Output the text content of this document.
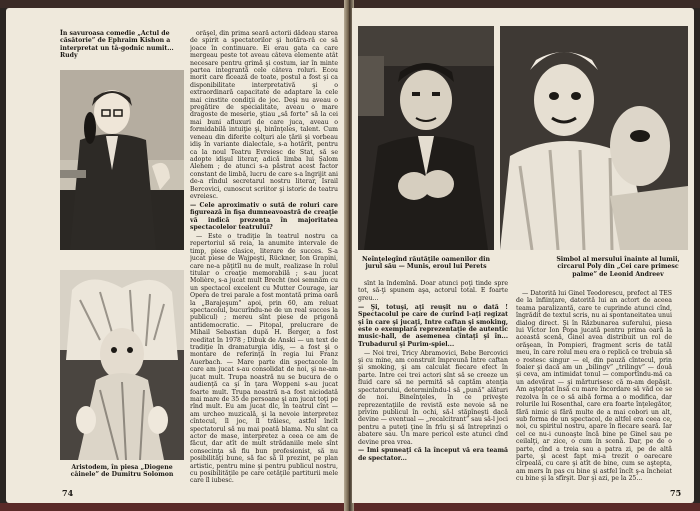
În savuroasa comedie „Actul de căsătorie” de Ephraim Kishon a interpretat un tâ-godnic numit... Rudy
Aristodem, în piesa „Diogene câinele” de Dumitru Solomon

orăşel, din prima seară actorii dădeau starea de spirit a spectatorilor şi hotăra-ră ce să joace în continuare. Ei erau gata ca care mergeau peste tot aveau câteva elemente atât necesare pentru grimă şi costum, iar în minte partea integrantă cele câteva roluri. Ecou morit care ficează de toate, postul a fost şi ca disponibilitate interpretativă şi o extraordinară capacitate de adaptare la cele mai cinstite condiţii de joc. Deşi nu aveau o pregătire de specialitate, aveau o mare dragoste de meserie, ştiau „să forte” să la cei mai buni afluxuri de care juca, aveau o formidabilă intuiţie şi, binînţeles, talent. Cum veneau din diferite colţuri ale ţării şi vorbeau idiş în variante dialectale, s-a hotărît, pentru ca la noul Teatru Evreiesc de Stat, să se adopte idişul literar, adică limba lui Şalom Alehem ; de atunci s-a păstrat acest factor constant de limbă, lucru de care s-a îngrijit ani de-a rîndul secretarul nostru literar, Israil Bercovici, cunoscut scriitor şi istoric de teatru evreiesc.

— Cele aproximativ o sută de roluri care figurează în fişa dumneavoastră de creaţie vă indică prezenţa în majoritatea spectacolelor teatrului?

— Este o tradiţie în teatrul nostru ca repertoriul să reia, la anumite intervale de timp, piese clasice, literare de succes. S-a jucat piese de Wajpeşti, Rückner, Ion Grapini, care ne-a păţitîl nu de mult, realizase în rolul titular o creaţie memorabilă ; s-au jucat Molière, s-a jucat mult Brecht (noi semnăm cu un spectacol excelent cu Mutter Courage, iar Opera de trei parale a fost montată prima oară la „Barajeşum” apoi, prin 60, am reluat spectacolul, bucurîndu-ne de un real succes la publicul) ; mereu sînt piese de prigonă antidemocratic. — Pitopal, prelucrare de Mihail Sebastian după H. Berger, a fost reeditat în 1978 ; Dibuk de Anski — un text de tradiţie în dramaturgia idiş, — a fost şi o montare de referinţă în regia lui Franz Auerbach. — Mare parte din spectacole în care am jucat s-au consolidat de noi, şi ne-am jucat mult. Trupa noastră nu se bucura de o audienţă ca şi în ţara Woppeni s-au jucat foarte mult. Trupa noastră n-a fost niciodată mai mare de 35 de persoane şi am jucat toţi pe rînd mult. Eu am jucat dlc, în teatrul cînt — am urcheo muzicală, şi la nevoie interpretez cîntecul, îl joc, îl trăiesc, astfel încît spectatorul să nu mai poată blama. Nu sînt ca actor de mase, interpretez a ceea ce am de făcut, dar atît de mult strădaniile mele sînt consecinţa să fiu bun profesionist, să nu posibilităţi bune, să fac să îl prezint, pe plan artistic, pentru mine şi pentru publicul nostru, cu posibilităţile pe care cetăţile partiturii mele care îl iubesc.

74
Neînţelegînd răutăţile oamenilor din jurul său — Munis, eroul lui Perets
Simbol al mersului înainte al lumii, circarul Poly din „Cei care primesc palme” de Leonid Andreev

sînt la îndemînă. Doar atunci poţi tinde spre tot, să-ţi spunem aşa, actorul total. E foarte greu...

— Şi, totuşi, aţi reuşit nu o dată ! Spectacolul pe care de curînd l-aţi regizat şi în care şi jucaţi, Intre caftan şi smoking, este o exemplară reprezentaţie de autentic music-hall, de asemenea cîntaţi şi în... Trubadurul şi Purim-spiel...

— Noi trei, Tricy Abramovici, Bebe Bercovici şi cu mine, am construit împreună Intre caftan şi smoking, şi am calculat fiecare efect în parte. Intre cei trei actori sînt să se creeze un fluid care să ne permită să captăm atenţia spectatorului, determinîndu-l să „pună” alături de noi. Bineînţeles, în ce priveşte reprezentaţiile de revistă este nevoie să ne privim publicul în ochi, să-l stăpîneşti dacă devine — eventual — „recalcitrant” sau să-l joci pentru a puteţi ţine în frîu şi să întreprinzi o abatere sau. Un mare pericol este atunci cînd devine prea vrea.

— Imi spuneaţi că la început vă era teamă de spectator...

— Datorită lui Ginel Teodorescu, prefect al TES de la înfiinţare, datorită lui an actort de aceea teama paralizantă, care te cuprinde atunci cînd, îngrădit de textul scris, nu ai spontaneitatea unui dialog direct. Şi în Răzbunarea suferului, piesa lui Victor Ion Popa jucată pentru prima oară la această scenă, Ginel avea distribuit un rol de orăşean, în Pompieri, fragment scris de tatăl meu, în care rolul meu era o replică ce trebuia să o rostesc singur — el, din pauză cîntecul, prin foaier şi dacă am un „bilingv” „trilingv” — două şi ceva, am intimidat tonul — comportîndu-mă ca un adevărat — şi mărturisesc că m-am depăşit. Am aşteptat însă cu mare încordare să văd ce se rezolva în ce o să aibă forma a o modifica, dar rolurile lui Rosenthal, care era foarte înţelegător, fără nimic şi fără multe de a mai cobori un alt, sub forma de un spectacol, de altfel era ceea ce, noi, cu spiritul nostru, apare în fiecare seară. Iar cel ce nu-i cunoaşte încă bine pe Ginel sau pe ceilalţi, ar zice, o cum în scenă. Dar, pe de o parte, cînd a treia sau a patra zi, pe de altă parte, şi acest fapt mi-a trezit o oarecare cîrpeală, cu care şi atît de bine, cum se aştepta, am mers în pas cu bine şi astfel încît ş-a încheiat cu bine şi la sfîrşit. Dar şi azi, pe la 25...

75
